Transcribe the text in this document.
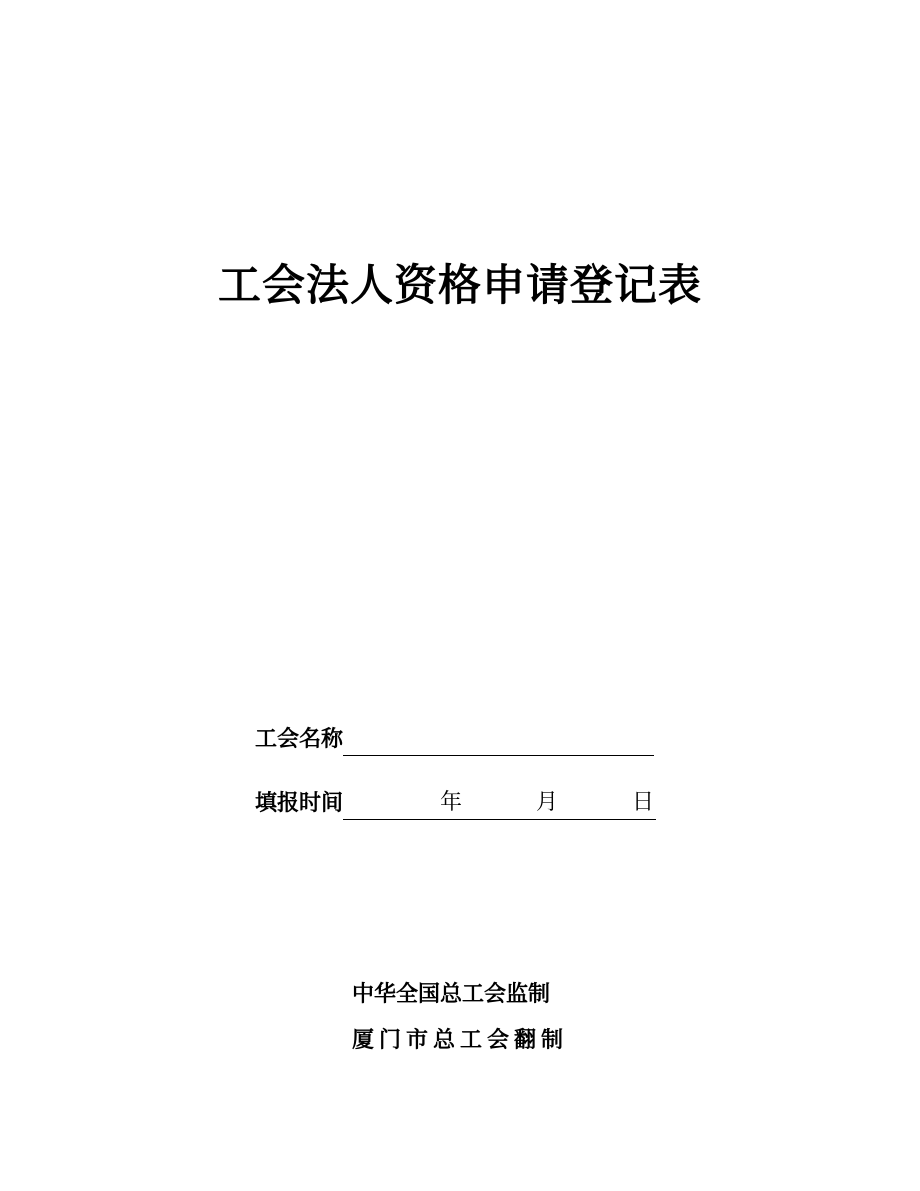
工会法人资格申请登记表
工会名称
填报时间	年	月	日
中华全国总工会监制
厦门市总工会翻制
